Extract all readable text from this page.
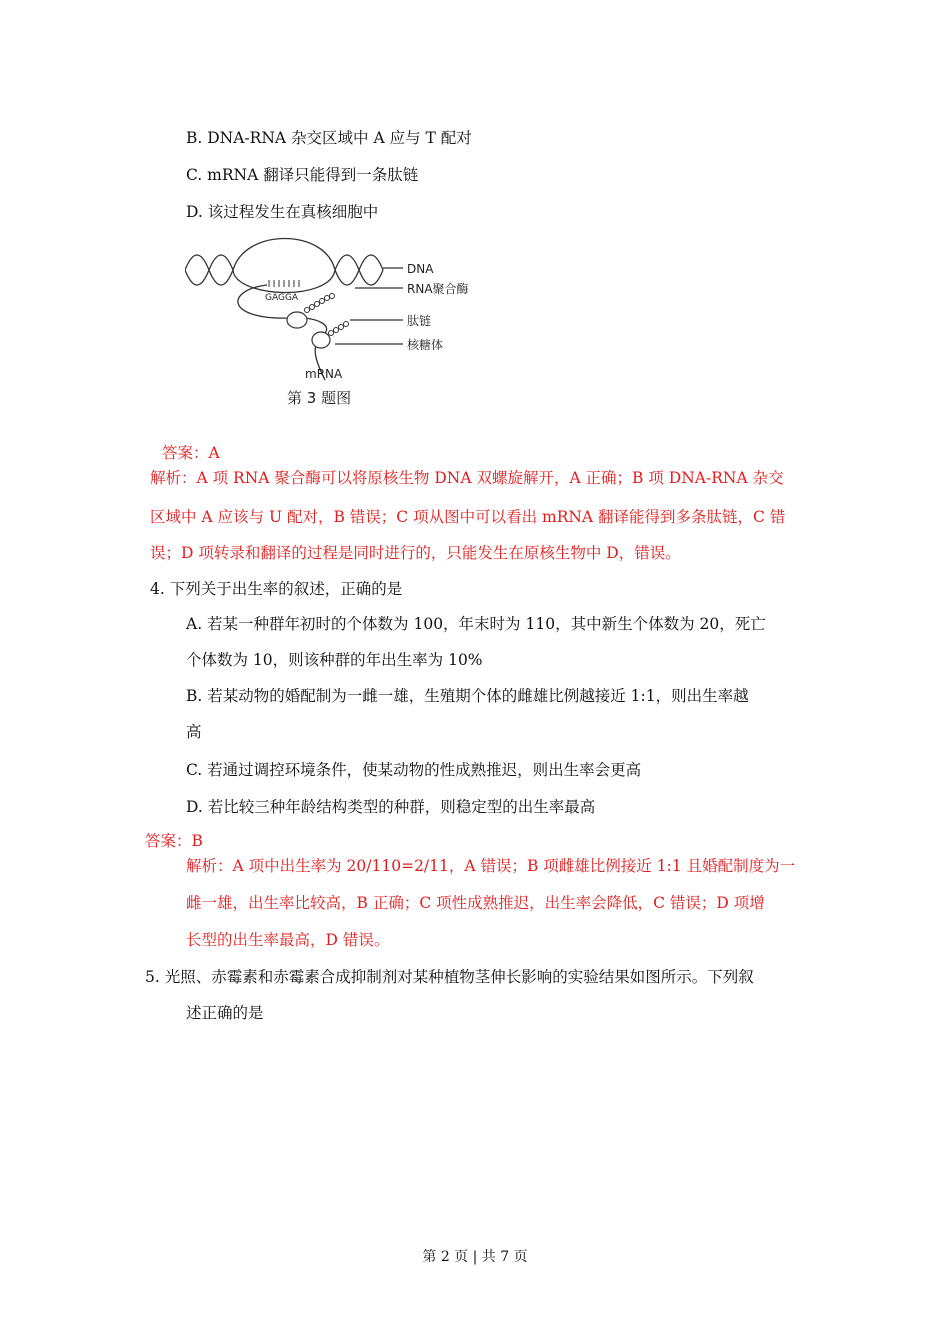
B. DNA-RNA 杂交区域中 A 应与 T 配对
C. mRNA 翻译只能得到一条肽链
D. 该过程发生在真核细胞中
GAGGA
DNA
RNA聚合酶
肽链
核糖体
mRNA
第 3 题图
答案：A
解析：A 项 RNA 聚合酶可以将原核生物 DNA 双螺旋解开，A 正确；B 项 DNA-RNA 杂交
区域中 A 应该与 U 配对，B 错误；C 项从图中可以看出 mRNA 翻译能得到多条肽链，C 错
误；D 项转录和翻译的过程是同时进行的，只能发生在原核生物中 D，错误。
4. 下列关于出生率的叙述，正确的是
A. 若某一种群年初时的个体数为 100，年末时为 110，其中新生个体数为 20，死亡
个体数为 10，则该种群的年出生率为 10%
B. 若某动物的婚配制为一雌一雄，生殖期个体的雌雄比例越接近 1:1，则出生率越
高
C. 若通过调控环境条件，使某动物的性成熟推迟，则出生率会更高
D. 若比较三种年龄结构类型的种群，则稳定型的出生率最高
答案：B
解析：A 项中出生率为 20/110=2/11，A 错误；B 项雌雄比例接近 1:1 且婚配制度为一
雌一雄，出生率比较高，B 正确；C 项性成熟推迟，出生率会降低，C 错误；D 项增
长型的出生率最高，D 错误。
5. 光照、赤霉素和赤霉素合成抑制剂对某种植物茎伸长影响的实验结果如图所示。下列叙
述正确的是
第 2 页 | 共 7 页
